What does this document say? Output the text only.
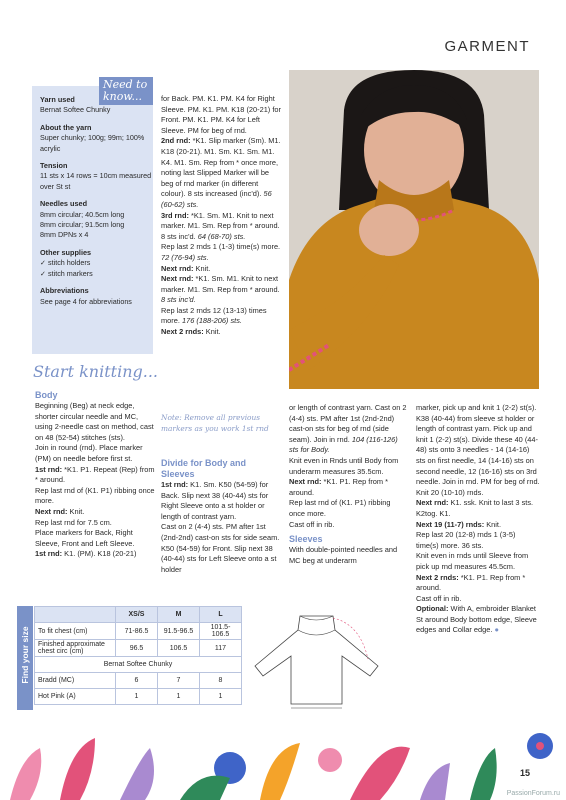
GARMENT
Need to know...
Yarn used

Bernat Softee Chunky

About the yarn

Super chunky; 100g; 99m; 100% acrylic

Tension

11 sts x 14 rows = 10cm measured over St st

Needles used

8mm circular; 40.5cm long

8mm circular; 91.5cm long

8mm DPNs x 4

Other supplies

✓ stitch holders

✓ stitch markers

Abbreviations

See page 4 for abbreviations

for Back. PM. K1. PM. K4 for Right Sleeve. PM. K1. PM. K18 (20-21) for Front. PM. K1. PM. K4 for Left Sleeve. PM for beg of rnd.

2nd rnd: *K1. Slip marker (Sm). M1. K18 (20-21). M1. Sm. K1. Sm. M1. K4. M1. Sm. Rep from * once more, noting last Slipped Marker will be beg of rnd marker (in different colour). 8 sts increased (inc'd). 56 (60-62) sts.

3rd rnd: *K1. Sm. M1. Knit to next marker. M1. Sm. Rep from * around. 8 sts inc'd. 64 (68-70) sts.

Rep last 2 rnds 1 (1-3) time(s) more. 72 (76-94) sts.

Next rnd: Knit.

Next rnd: *K1. Sm. M1. Knit to next marker. M1. Sm. Rep from * around. 8 sts inc'd.

Rep last 2 rnds 12 (13-13) times more. 176 (188-206) sts.

Next 2 rnds: Knit.

Start knitting...
Body

Beginning (Beg) at neck edge, shorter circular needle and MC, using 2-needle cast on method, cast on 48 (52-54) stitches (sts).

Join in round (rnd). Place marker (PM) on needle before first st.

1st rnd: *K1. P1. Repeat (Rep) from * around.

Rep last rnd of (K1. P1) ribbing once more.

Next rnd: Knit.

Rep last rnd for 7.5 cm.

Place markers for Back, Right Sleeve, Front and Left Sleeve.

1st rnd: K1. (PM). K18 (20-21)

Note: Remove all previous markers as you work 1st rnd
Divide for Body and Sleeves

1st rnd: K1. Sm. K50 (54-59) for Back. Slip next 38 (40-44) sts for Right Sleeve onto a st holder or length of contrast yarn.

Cast on 2 (4-4) sts. PM after 1st (2nd-2nd) cast-on sts for side seam. K50 (54-59) for Front. Slip next 38 (40-44) sts for Left Sleeve onto a st holder

or length of contrast yarn. Cast on 2 (4-4) sts. PM after 1st (2nd-2nd) cast-on sts for beg of rnd (side seam). Join in rnd. 104 (116-126) sts for Body.

Knit even in Rnds until Body from underarm measures 35.5cm.

Next rnd: *K1. P1. Rep from * around.

Rep last rnd of (K1. P1) ribbing once more.

Cast off in rib.

Sleeves

With double-pointed needles and MC beg at underarm

marker, pick up and knit 1 (2-2) st(s). K38 (40-44) from sleeve st holder or length of contrast yarn. Pick up and knit 1 (2-2) st(s). Divide these 40 (44-48) sts onto 3 needles - 14 (14-16) sts on first needle, 14 (14-16) sts on second needle, 12 (16-16) sts on 3rd needle. Join in rnd. PM for beg of rnd.

Knit 20 (10-10) rnds.

Next rnd: K1. ssk. Knit to last 3 sts. K2tog. K1.

Next 19 (11-7) rnds: Knit.

Rep last 20 (12-8) rnds 1 (3-5) time(s) more. 36 sts.

Knit even in rnds until Sleeve from pick up rnd measures 45.5cm.

Next 2 rnds: *K1. P1. Rep from * around.

Cast off in rib.

Optional: With A, embroider Blanket St around Body bottom edge, Sleeve edges and Collar edge. ●

Find your size
	XS/S	M	L
To fit chest (cm)	71-86.5	91.5-96.5	101.5-106.5
Finished approximate chest circ (cm)	96.5	106.5	117
Bernat Softee Chunky			
Bradd (MC)	6	7	8
Hot Pink (A)	1	1	1
15
PassionForum.ru
